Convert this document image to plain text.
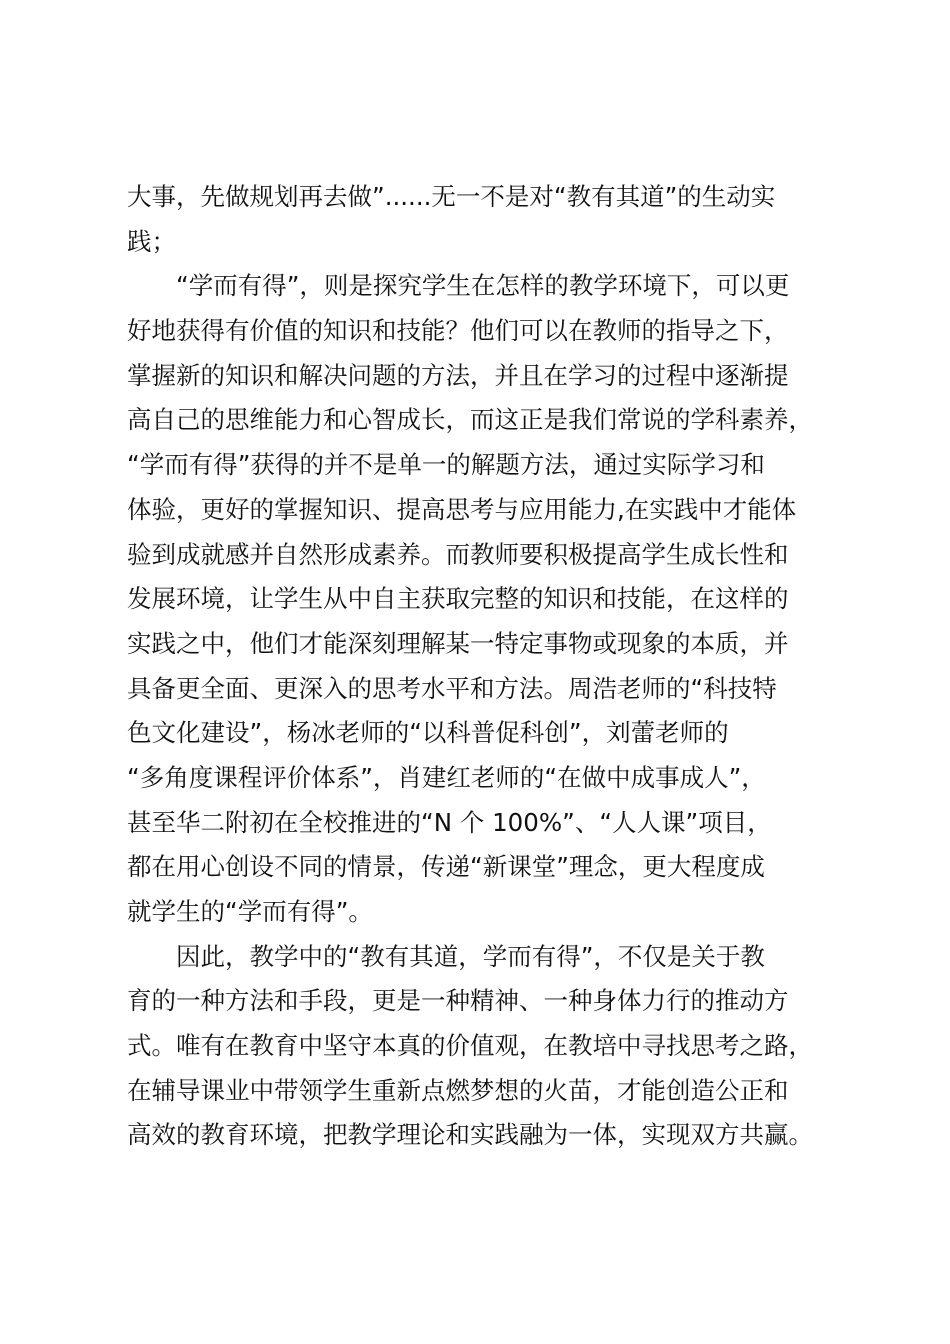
大事，先做规划再去做”......无一不是对“教有其道”的生动实
践；
　　“学而有得”，则是探究学生在怎样的教学环境下，可以更
好地获得有价值的知识和技能？他们可以在教师的指导之下，
掌握新的知识和解决问题的方法，并且在学习的过程中逐渐提
高自己的思维能力和心智成长，而这正是我们常说的学科素养，
“学而有得”获得的并不是单一的解题方法，通过实际学习和
体验，更好的掌握知识、提高思考与应用能力,在实践中才能体
验到成就感并自然形成素养。而教师要积极提高学生成长性和
发展环境，让学生从中自主获取完整的知识和技能，在这样的
实践之中，他们才能深刻理解某一特定事物或现象的本质，并
具备更全面、更深入的思考水平和方法。周浩老师的“科技特
色文化建设”，杨冰老师的“以科普促科创”，刘蕾老师的
“多角度课程评价体系”，肖建红老师的“在做中成事成人”，
甚至华二附初在全校推进的“N 个 100%”、“人人课”项目，
都在用心创设不同的情景，传递“新课堂”理念，更大程度成
就学生的“学而有得”。
　　因此，教学中的“教有其道，学而有得”，不仅是关于教
育的一种方法和手段，更是一种精神、一种身体力行的推动方
式。唯有在教育中坚守本真的价值观，在教培中寻找思考之路，
在辅导课业中带领学生重新点燃梦想的火苗，才能创造公正和
高效的教育环境，把教学理论和实践融为一体，实现双方共赢。
